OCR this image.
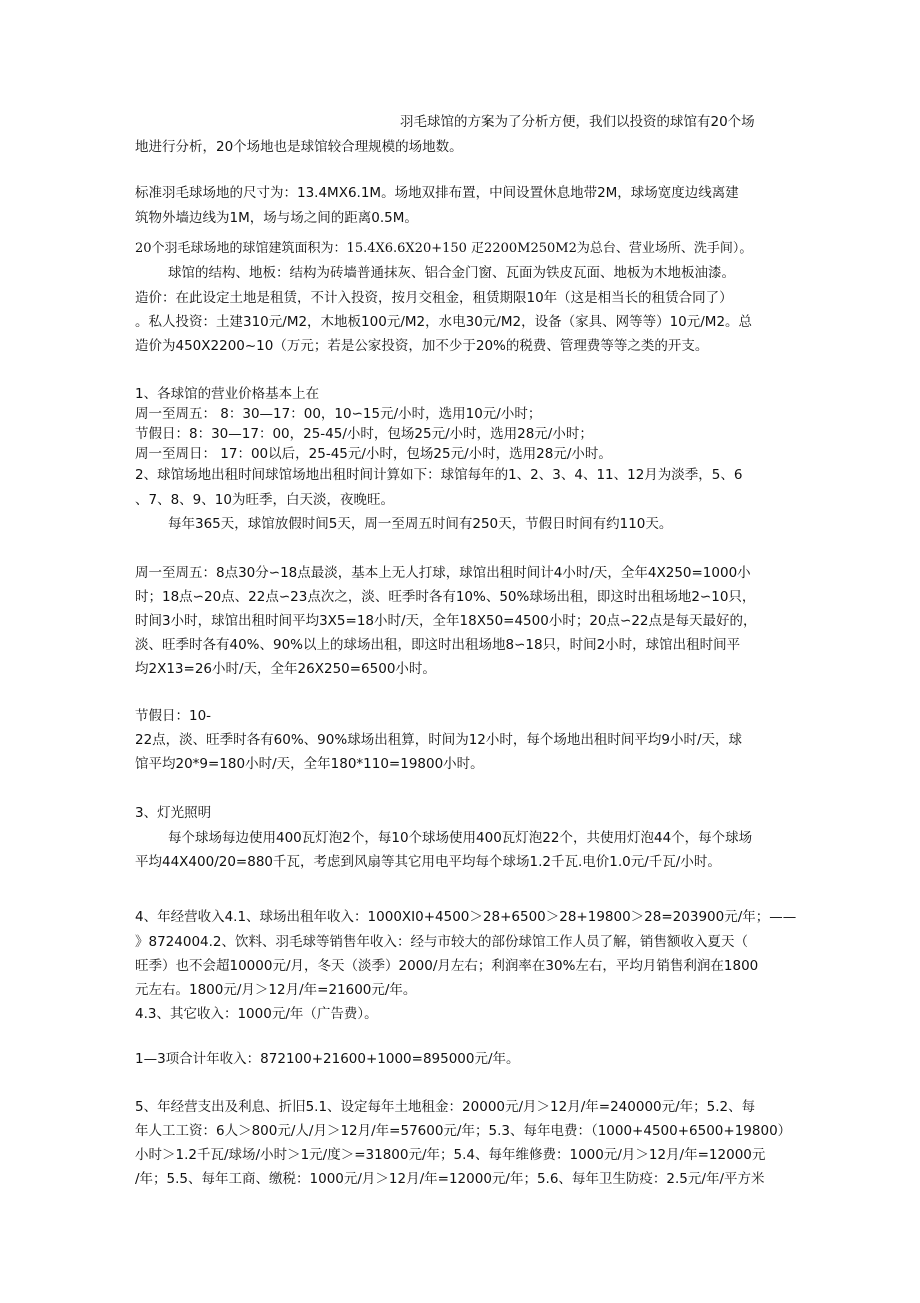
羽毛球馆的方案为了分析方便，我们以投资的球馆有20个场

地进行分析，20个场地也是球馆较合理规模的场地数。

标准羽毛球场地的尺寸为：13.4MX6.1M。场地双排布置，中间设置休息地带2M，球场宽度边线离建

筑物外墙边线为1M，场与场之间的距离0.5M。

20个羽毛球场地的球馆建筑面积为：15.4X6.6X20+150 疋2200M250M2为总台、营业场所、洗手间）。

球馆的结构、地板：结构为砖墙普通抹灰、铝合金门窗、瓦面为铁皮瓦面、地板为木地板油漆。

造价：在此设定土地是租赁，不计入投资，按月交租金，租赁期限10年（这是相当长的租赁合同了）

。私人投资：土建310元/M2，木地板100元/M2，水电30元/M2，设备（家具、网等等）10元/M2。总

造价为450X2200~10（万元；若是公家投资，加不少于20%的税费、管理费等等之类的开支。

1、各球馆的营业价格基本上在

周一至周五： 8：30—17：00，10∽15元/小时，选用10元/小时；

节假日：8：30—17：00，25-45/小时，包场25元/小时，选用28元/小时；

周一至周日： 17：00以后，25-45元/小时，包场25元/小时，选用28元/小时。

2、球馆场地出租时间球馆场地出租时间计算如下：球馆每年的1、2、3、4、11、12月为淡季，5、6

、7、8、9、10为旺季，白天淡，夜晚旺。

每年365天，球馆放假时间5天，周一至周五时间有250天，节假日时间有约110天。

周一至周五：8点30分∽18点最淡，基本上无人打球，球馆出租时间计4小时/天，全年4X250=1000小

时；18点∽20点、22点∽23点次之，淡、旺季时各有10%、50%球场出租，即这时出租场地2∽10只，

时间3小时，球馆出租时间平均3X5=18小时/天，全年18X50=4500小时；20点∽22点是每天最好的，

淡、旺季时各有40%、90%以上的球场出租，即这时出租场地8∽18只，时间2小时，球馆出租时间平

均2X13=26小时/天，全年26X250=6500小时。

节假日：10-

22点，淡、旺季时各有60%、90%球场出租算，时间为12小时，每个场地出租时间平均9小时/天，球

馆平均20*9=180小时/天，全年180*110=19800小时。

3、灯光照明

每个球场每边使用400瓦灯泡2个，每10个球场使用400瓦灯泡22个，共使用灯泡44个，每个球场

平均44X400/20=880千瓦，考虑到风扇等其它用电平均每个球场1.2千瓦.电价1.0元/千瓦/小时。

4、年经营收入4.1、球场出租年收入：1000XI0+4500＞28+6500＞28+19800＞28=203900元/年；——

》8724004.2、饮料、羽毛球等销售年收入：经与市较大的部份球馆工作人员了解，销售额收入夏天（

旺季）也不会超10000元/月，冬天（淡季）2000/月左右；利润率在30%左右，平均月销售利润在1800

元左右。1800元/月＞12月/年=21600元/年。

4.3、其它收入：1000元/年（广告费）。

1—3项合计年收入：872100+21600+1000=895000元/年。

5、年经营支出及利息、折旧5.1、设定每年土地租金：20000元/月＞12月/年=240000元/年；5.2、每

年人工工资：6人＞800元/人/月＞12月/年=57600元/年；5.3、每年电费：（1000+4500+6500+19800）

小时＞1.2千瓦/球场/小时＞1元/度＞=31800元/年；5.4、每年维修费：1000元/月＞12月/年=12000元

/年；5.5、每年工商、缴税：1000元/月＞12月/年=12000元/年；5.6、每年卫生防疫：2.5元/年/平方米
